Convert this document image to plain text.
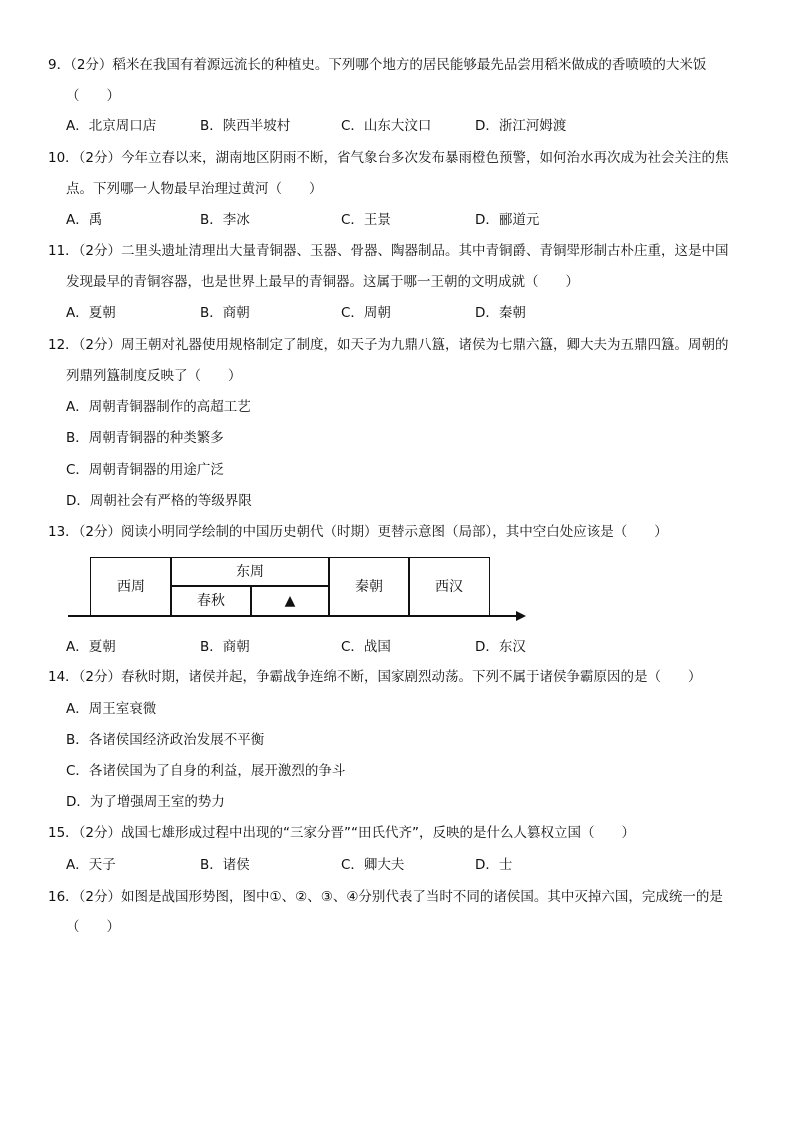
9．（2分）稻米在我国有着源远流长的种植史。下列哪个地方的居民能够最先品尝用稻米做成的香喷喷的大米饭
（　　）
A．北京周口店	B．陕西半坡村	C．山东大汶口	D．浙江河姆渡
10．（2分）今年立春以来，湖南地区阴雨不断，省气象台多次发布暴雨橙色预警，如何治水再次成为社会关注的焦
点。下列哪一人物最早治理过黄河（　　）
A．禹	B．李冰	C．王景	D．郦道元
11．（2分）二里头遗址清理出大量青铜器、玉器、骨器、陶器制品。其中青铜爵、青铜斝形制古朴庄重，这是中国
发现最早的青铜容器，也是世界上最早的青铜器。这属于哪一王朝的文明成就（　　）
A．夏朝	B．商朝	C．周朝	D．秦朝
12．（2分）周王朝对礼器使用规格制定了制度，如天子为九鼎八簋，诸侯为七鼎六簋，卿大夫为五鼎四簋。周朝的
列鼎列簋制度反映了（　　）
A．周朝青铜器制作的高超工艺
B．周朝青铜器的种类繁多
C．周朝青铜器的用途广泛
D．周朝社会有严格的等级界限
13．（2分）阅读小明同学绘制的中国历史朝代（时期）更替示意图（局部），其中空白处应该是（　　）
西周
东周
春秋	▲
秦朝	西汉
A．夏朝	B．商朝	C．战国	D．东汉
14．（2分）春秋时期，诸侯并起，争霸战争连绵不断，国家剧烈动荡。下列不属于诸侯争霸原因的是（　　）
A．周王室衰微
B．各诸侯国经济政治发展不平衡
C．各诸侯国为了自身的利益，展开激烈的争斗
D．为了增强周王室的势力
15．（2分）战国七雄形成过程中出现的“三家分晋”“田氏代齐”，反映的是什么人篡权立国（　　）
A．天子	B．诸侯	C．卿大夫	D．士
16．（2分）如图是战国形势图，图中①、②、③、④分别代表了当时不同的诸侯国。其中灭掉六国，完成统一的是
（　　）
